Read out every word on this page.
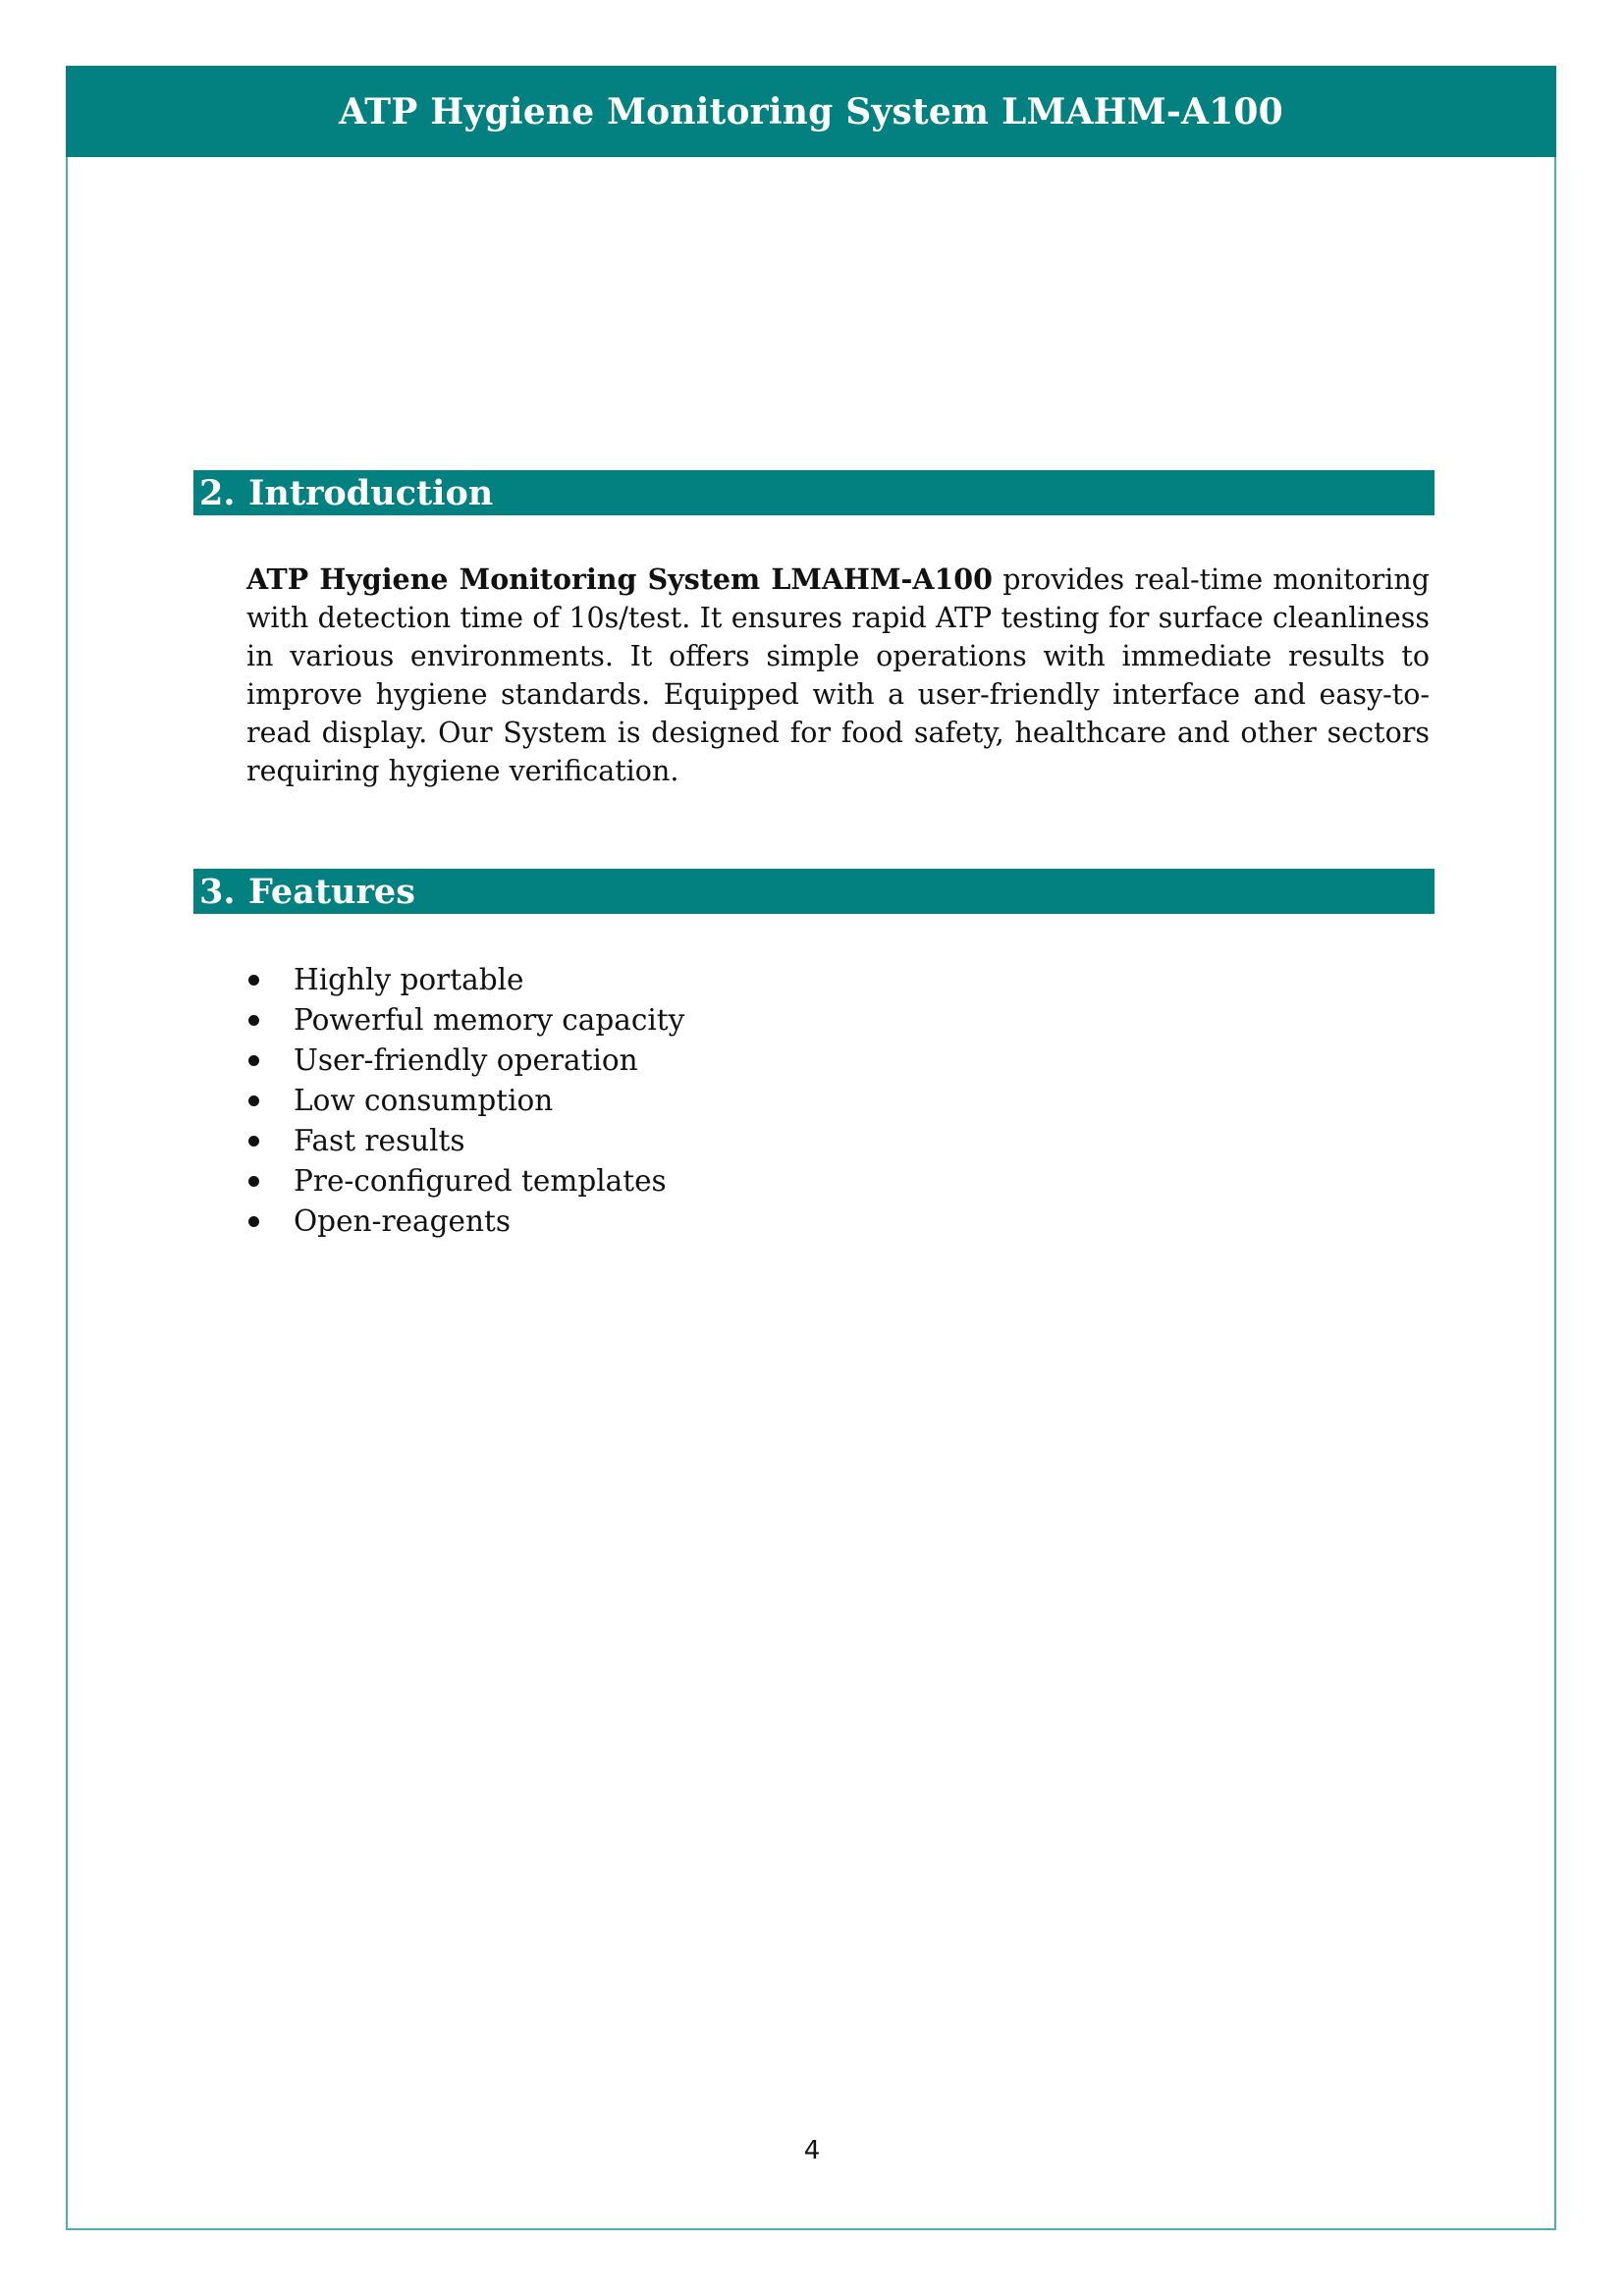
ATP Hygiene Monitoring System LMAHM-A100
2. Introduction

ATP Hygiene Monitoring System LMAHM-A100 provides real-time monitoring with detection time of 10s/test. It ensures rapid ATP testing for surface cleanliness in various environments. It offers simple operations with immediate results to improve hygiene standards. Equipped with a user-friendly interface and easy-to-read display. Our System is designed for food safety, healthcare and other sectors requiring hygiene verification.

3. Features
Highly portable
Powerful memory capacity
User-friendly operation
Low consumption
Fast results
Pre-configured templates
Open-reagents
4
